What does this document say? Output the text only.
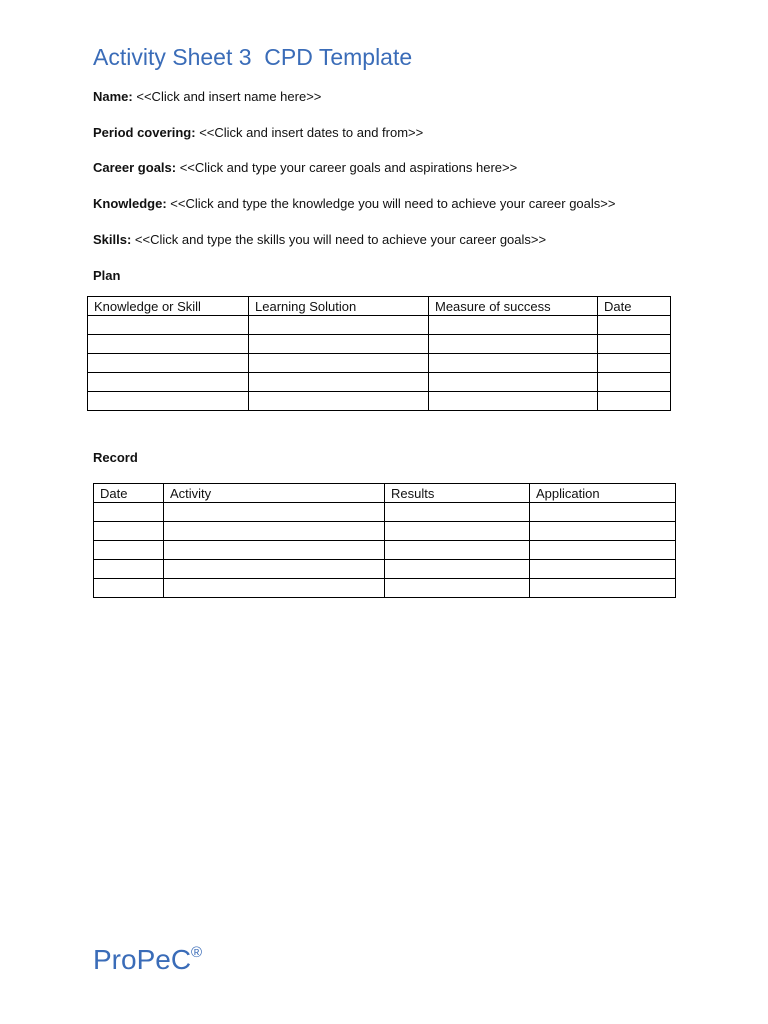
Activity Sheet 3  CPD Template
Name: <<Click and insert name here>>
Period covering: <<Click and insert dates to and from>>
Career goals: <<Click and type your career goals and aspirations here>>
Knowledge: <<Click and type the knowledge you will need to achieve your career goals>>
Skills: <<Click and type the skills you will need to achieve your career goals>>
Plan
Knowledge or Skill	Learning Solution	Measure of success	Date

Record
Date	Activity	Results	Application

ProPeC®
